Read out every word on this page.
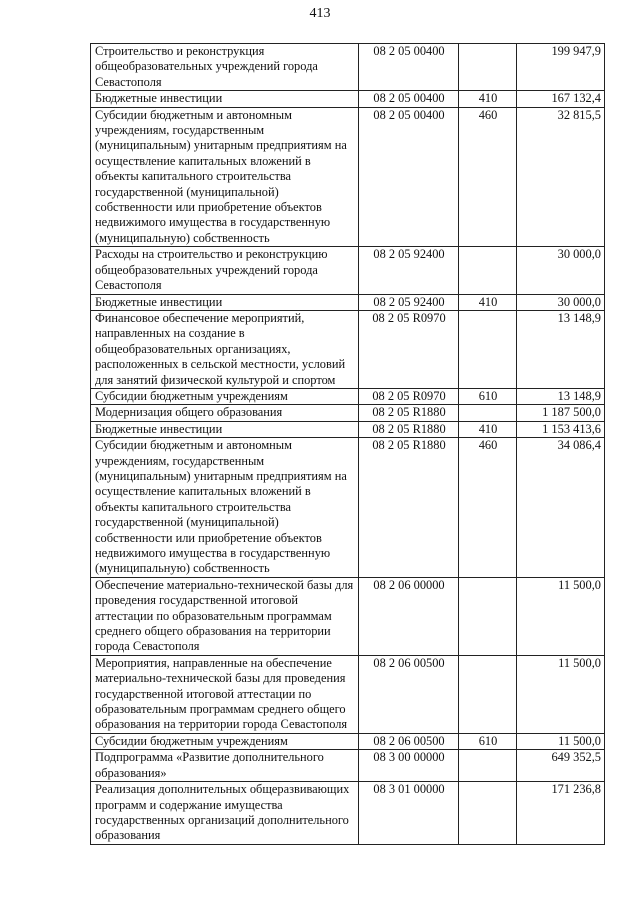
413
Строительство и реконструкция общеобразовательных учреждений города Севастополя	08 2 05 00400		199 947,9
Бюджетные инвестиции	08 2 05 00400	410	167 132,4
Субсидии бюджетным и автономным учреждениям, государственным (муниципальным) унитарным предприятиям на осуществление капитальных вложений в объекты капитального строительства государственной (муниципальной) собственности или приобретение объектов недвижимого имущества в государственную (муниципальную) собственность	08 2 05 00400	460	32 815,5
Расходы на строительство и реконструкцию общеобразовательных учреждений города Севастополя	08 2 05 92400		30 000,0
Бюджетные инвестиции	08 2 05 92400	410	30 000,0
Финансовое обеспечение мероприятий, направленных на создание в общеобразовательных организациях, расположенных в сельской местности, условий для занятий физической культурой и спортом	08 2 05 R0970		13 148,9
Субсидии бюджетным учреждениям	08 2 05 R0970	610	13 148,9
Модернизация общего образования	08 2 05 R1880		1 187 500,0
Бюджетные инвестиции	08 2 05 R1880	410	1 153 413,6
Субсидии бюджетным и автономным учреждениям, государственным (муниципальным) унитарным предприятиям на осуществление капитальных вложений в объекты капитального строительства государственной (муниципальной) собственности или приобретение объектов недвижимого имущества в государственную (муниципальную) собственность	08 2 05 R1880	460	34 086,4
Обеспечение материально-технической базы для проведения государственной итоговой аттестации по образовательным программам среднего общего образования на территории города Севастополя	08 2 06 00000		11 500,0
Мероприятия, направленные на обеспечение материально-технической базы для проведения государственной итоговой аттестации по образовательным программам среднего общего образования на территории города Севастополя	08 2 06 00500		11 500,0
Субсидии бюджетным учреждениям	08 2 06 00500	610	11 500,0
Подпрограмма «Развитие дополнительного образования»	08 3 00 00000		649 352,5
Реализация дополнительных общеразвивающих программ и содержание имущества государственных организаций дополнительного образования	08 3 01 00000		171 236,8
